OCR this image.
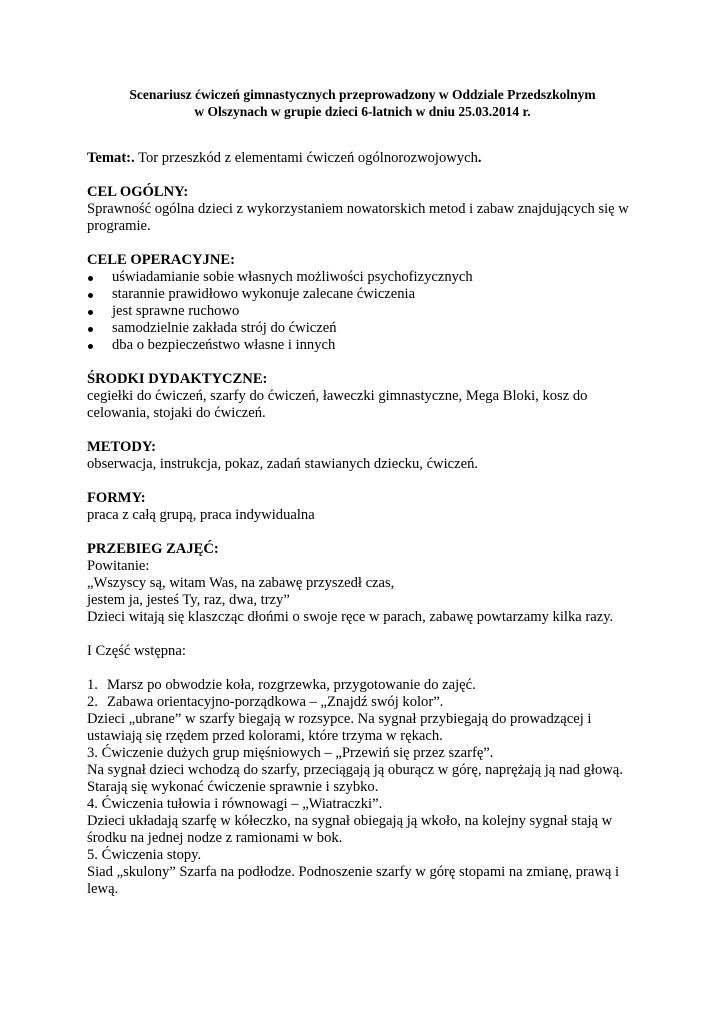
Scenariusz ćwiczeń gimnastycznych przeprowadzony w Oddziale Przedszkolnym
w Olszynach w grupie dzieci 6-latnich w dniu 25.03.2014 r.

Temat:. Tor przeszkód z elementami ćwiczeń ogólnorozwojowych.

CEL OGÓLNY:

Sprawność ogólna dzieci z wykorzystaniem nowatorskich metod i zabaw znajdujących się w programie.

CELE OPERACYJNE:

uświadamianie sobie własnych możliwości psychofizycznych
starannie prawidłowo wykonuje zalecane ćwiczenia
jest sprawne ruchowo
samodzielnie zakłada strój do ćwiczeń
dba o bezpieczeństwo własne i innych

ŚRODKI DYDAKTYCZNE:

cegiełki do ćwiczeń, szarfy do ćwiczeń, ławeczki gimnastyczne, Mega Bloki, kosz do celowania, stojaki do ćwiczeń.

METODY:

obserwacja, instrukcja, pokaz, zadań stawianych dziecku, ćwiczeń.

FORMY:

praca z całą grupą, praca indywidualna

PRZEBIEG ZAJĘĆ:

Powitanie:

„Wszyscy są, witam Was, na zabawę przyszedł czas,

jestem ja, jesteś Ty, raz, dwa, trzy”

Dzieci witają się klaszcząc dłońmi o swoje ręce w parach, zabawę powtarzamy kilka razy.

I Część wstępna:

1. Marsz po obwodzie koła, rozgrzewka, przygotowanie do zajęć.

2. Zabawa orientacyjno-porządkowa – „Znajdź swój kolor”.

Dzieci „ubrane” w szarfy biegają w rozsypce. Na sygnał przybiegają do prowadzącej i ustawiają się rzędem przed kolorami, które trzyma w rękach.

3. Ćwiczenie dużych grup mięśniowych – „Przewiń się przez szarfę”.

Na sygnał dzieci wchodzą do szarfy, przeciągają ją oburącz w górę, naprężają ją nad głową. Starają się wykonać ćwiczenie sprawnie i szybko.

4. Ćwiczenia tułowia i równowagi – „Wiatraczki”.

Dzieci układają szarfę w kółeczko, na sygnał obiegają ją wkoło, na kolejny sygnał stają w środku na jednej nodze z ramionami w bok.

5. Ćwiczenia stopy.

Siad „skulony” Szarfa na podłodze. Podnoszenie szarfy w górę stopami na zmianę, prawą i lewą.
